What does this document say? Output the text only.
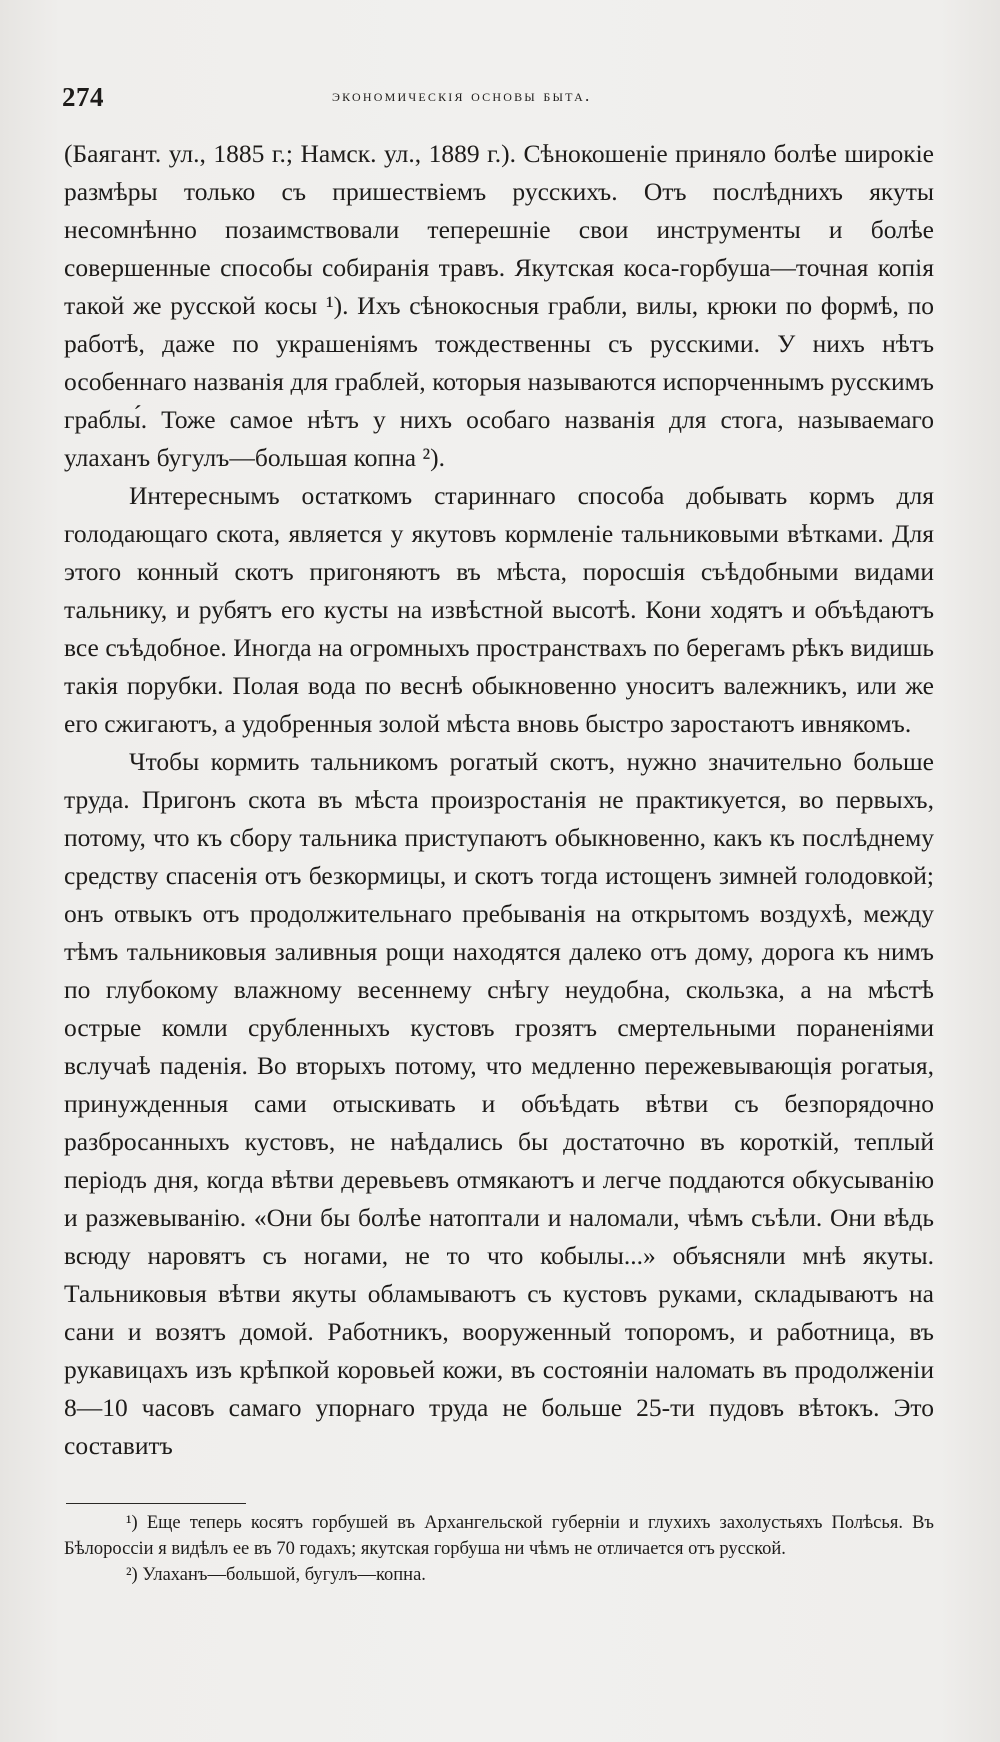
274	экономическія основы быта.

(Баягант. ул., 1885 г.; Намск. ул., 1889 г.). Сѣнокошеніе приняло болѣе широкіе размѣры только съ пришествіемъ русскихъ. Отъ послѣднихъ якуты несомнѣнно позаимствовали теперешніе свои инструменты и болѣе совершенные способы собиранія травъ. Якутская коса-горбуша—точная копія такой же русской косы ¹). Ихъ сѣнокосныя грабли, вилы, крюки по формѣ, по работѣ, даже по украшеніямъ тождественны съ русскими. У нихъ нѣтъ особеннаго названія для граблей, которыя называются испорченнымъ русскимъ граблы́. Тоже самое нѣтъ у нихъ особаго названія для стога, называемаго улаханъ бугулъ—большая копна ²).

Интереснымъ остаткомъ стариннаго способа добывать кормъ для голодающаго скота, является у якутовъ кормленіе тальниковыми вѣтками. Для этого конный скотъ пригоняютъ въ мѣста, поросшія съѣдобными видами тальнику, и рубятъ его кусты на извѣстной высотѣ. Кони ходятъ и объѣдаютъ все съѣдобное. Иногда на огромныхъ пространствахъ по берегамъ рѣкъ видишь такія порубки. Полая вода по веснѣ обыкновенно уноситъ валежникъ, или же его сжигаютъ, а удобренныя золой мѣста вновь быстро заростаютъ ивнякомъ.

Чтобы кормить тальникомъ рогатый скотъ, нужно значительно больше труда. Пригонъ скота въ мѣста произростанія не практикуется, во первыхъ, потому, что къ сбору тальника приступаютъ обыкновенно, какъ къ послѣднему средству спасенія отъ безкормицы, и скотъ тогда истощенъ зимней голодовкой; онъ отвыкъ отъ продолжительнаго пребыванія на открытомъ воздухѣ, между тѣмъ тальниковыя заливныя рощи находятся далеко отъ дому, дорога къ нимъ по глубокому влажному весеннему снѣгу неудобна, скользка, а на мѣстѣ острые комли срубленныхъ кустовъ грозятъ смертельными пораненіями вслучаѣ паденія. Во вторыхъ потому, что медленно пережевывающія рогатыя, принужденныя сами отыскивать и объѣдать вѣтви съ безпорядочно разбросанныхъ кустовъ, не наѣдались бы достаточно въ короткій, теплый періодъ дня, когда вѣтви деревьевъ отмякаютъ и легче поддаются обкусыванію и разжевыванію. «Они бы болѣе натоптали и наломали, чѣмъ съѣли. Они вѣдь всюду наровятъ съ ногами, не то что кобылы...» объясняли мнѣ якуты. Тальниковыя вѣтви якуты обламываютъ съ кустовъ руками, складываютъ на сани и возятъ домой. Работникъ, вооруженный топоромъ, и работница, въ рукавицахъ изъ крѣпкой коровьей кожи, въ состояніи наломать въ продолженіи 8—10 часовъ самаго упорнаго труда не больше 25-ти пудовъ вѣтокъ. Это составитъ

¹) Еще теперь косятъ горбушей въ Архангельской губерніи и глухихъ захолустьяхъ Полѣсья. Въ Бѣлороссіи я видѣлъ ее въ 70 годахъ; якутская горбуша ни чѣмъ не отличается отъ русской.

²) Улаханъ—большой, бугулъ—копна.
